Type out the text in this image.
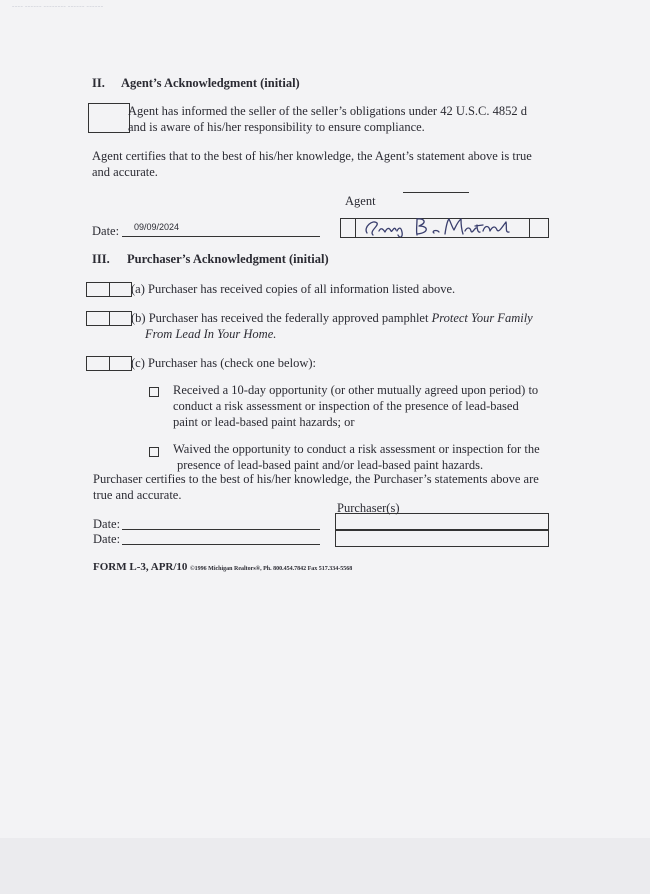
~~~~ ~~~~~~ ~~~~~~~~ ~~~~~~ ~~~~~~
II. Agent’s Acknowledgment (initial)
Agent has informed the seller of the seller’s obligations under 42 U.S.C. 4852 d
and is aware of his/her responsibility to ensure compliance.
Agent certifies that to the best of his/her knowledge, the Agent’s statement above is true
and accurate.
Agent
Date: 09/09/2024
III. Purchaser’s Acknowledgment (initial)
(a) Purchaser has received copies of all information listed above.
(b) Purchaser has received the federally approved pamphlet Protect Your Family
From Lead In Your Home.
(c) Purchaser has (check one below):
Received a 10-day opportunity (or other mutually agreed upon period) to
conduct a risk assessment or inspection of the presence of lead-based
paint or lead-based paint hazards; or
Waived the opportunity to conduct a risk assessment or inspection for the
presence of lead-based paint and/or lead-based paint hazards.
Purchaser certifies to the best of his/her knowledge, the Purchaser’s statements above are
true and accurate.
Purchaser(s)
Date:
Date:
FORM L-3, APR/10 ©1996 Michigan Realtors®, Ph. 800.454.7842 Fax 517.334-5568
